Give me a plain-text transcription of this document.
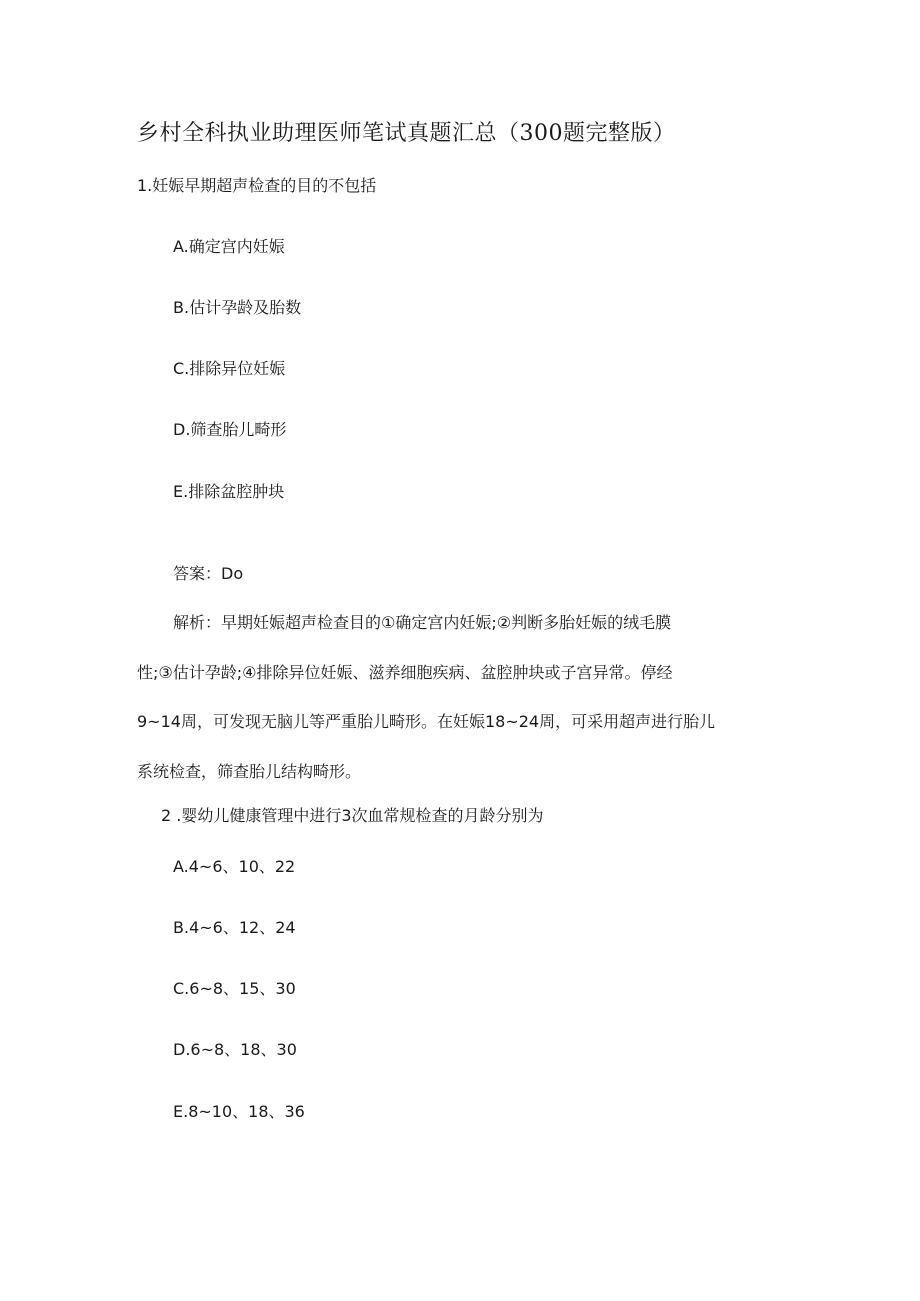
乡村全科执业助理医师笔试真题汇总（300题完整版）
1.妊娠早期超声检查的目的不包括
A.确定宫内妊娠
B.估计孕龄及胎数
C.排除异位妊娠
D.筛查胎儿畸形
E.排除盆腔肿块
答案：Do
解析：早期妊娠超声检查目的①确定宫内妊娠;②判断多胎妊娠的绒毛膜
性;③估计孕龄;④排除异位妊娠、滋养细胞疾病、盆腔肿块或子宫异常。停经
9~14周，可发现无脑儿等严重胎儿畸形。在妊娠18~24周，可采用超声进行胎儿
系统检查，筛查胎儿结构畸形。
2 .婴幼儿健康管理中进行3次血常规检查的月龄分别为
A.4~6、10、22
B.4~6、12、24
C.6~8、15、30
D.6~8、18、30
E.8~10、18、36
